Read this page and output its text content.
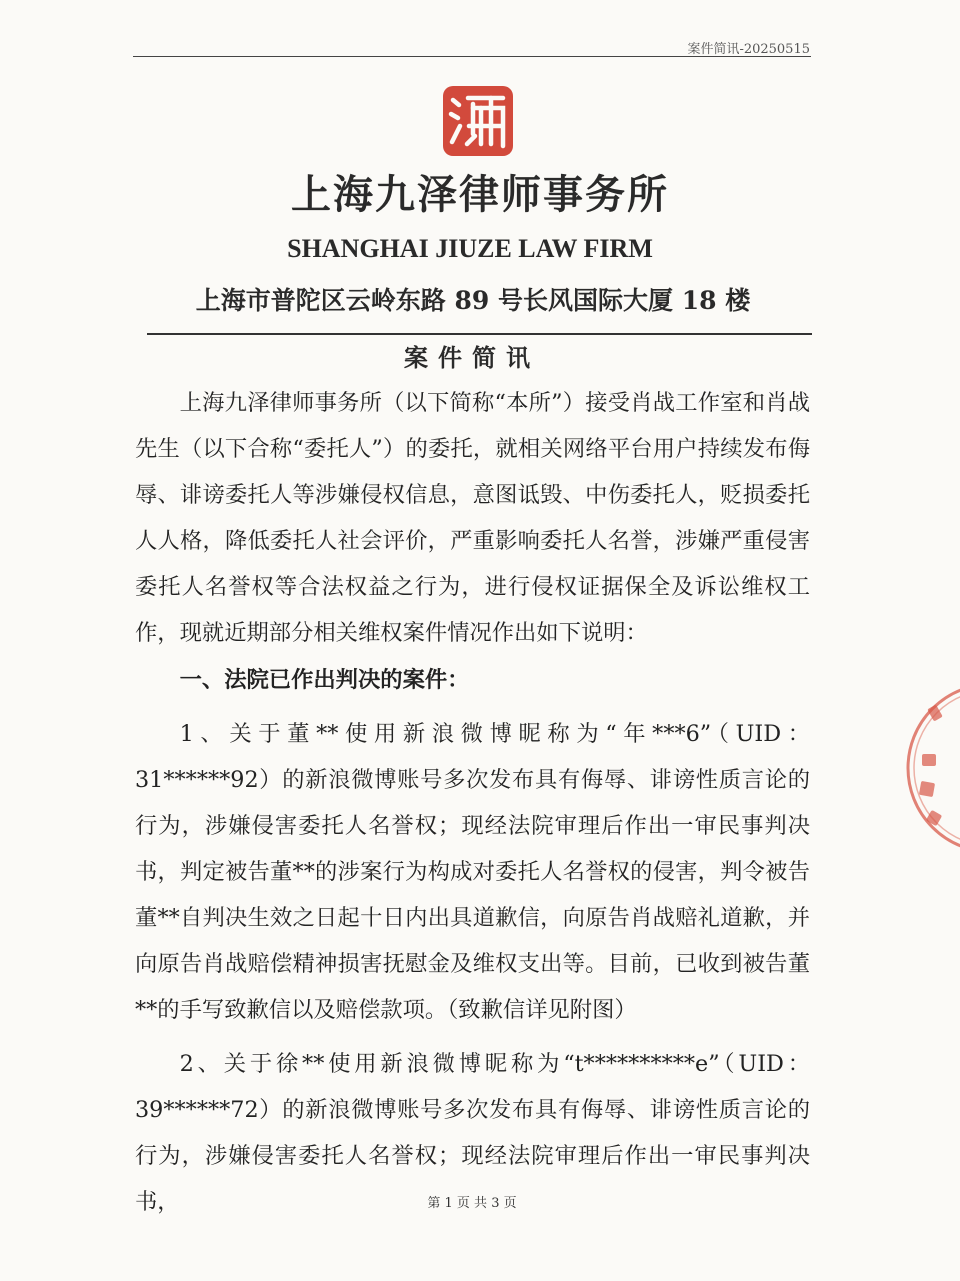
案件简讯-20250515
上海九泽律师事务所
SHANGHAI JIUZE LAW FIRM
上海市普陀区云岭东路 89 号长风国际大厦 18 楼
案件简讯

上海九泽律师事务所（以下简称“本所”）接受肖战工作室和肖战先生（以下合称“委托人”）的委托，就相关网络平台用户持续发布侮辱、诽谤委托人等涉嫌侵权信息，意图诋毁、中伤委托人，贬损委托人人格，降低委托人社会评价，严重影响委托人名誉，涉嫌严重侵害委托人名誉权等合法权益之行为，进行侵权证据保全及诉讼维权工作，现就近期部分相关维权案件情况作出如下说明：

一、法院已作出判决的案件：

1、关于董**使用新浪微博昵称为“年***6”（UID：31******92）的新浪微博账号多次发布具有侮辱、诽谤性质言论的行为，涉嫌侵害委托人名誉权；现经法院审理后作出一审民事判决书，判定被告董**的涉案行为构成对委托人名誉权的侵害，判令被告董**自判决生效之日起十日内出具道歉信，向原告肖战赔礼道歉，并向原告肖战赔偿精神损害抚慰金及维权支出等。目前，已收到被告董**的手写致歉信以及赔偿款项。（致歉信详见附图）

2、关于徐**使用新浪微博昵称为“t**********e”（UID：39******72）的新浪微博账号多次发布具有侮辱、诽谤性质言论的行为，涉嫌侵害委托人名誉权；现经法院审理后作出一审民事判决书，	第 1 页 共 3 页
